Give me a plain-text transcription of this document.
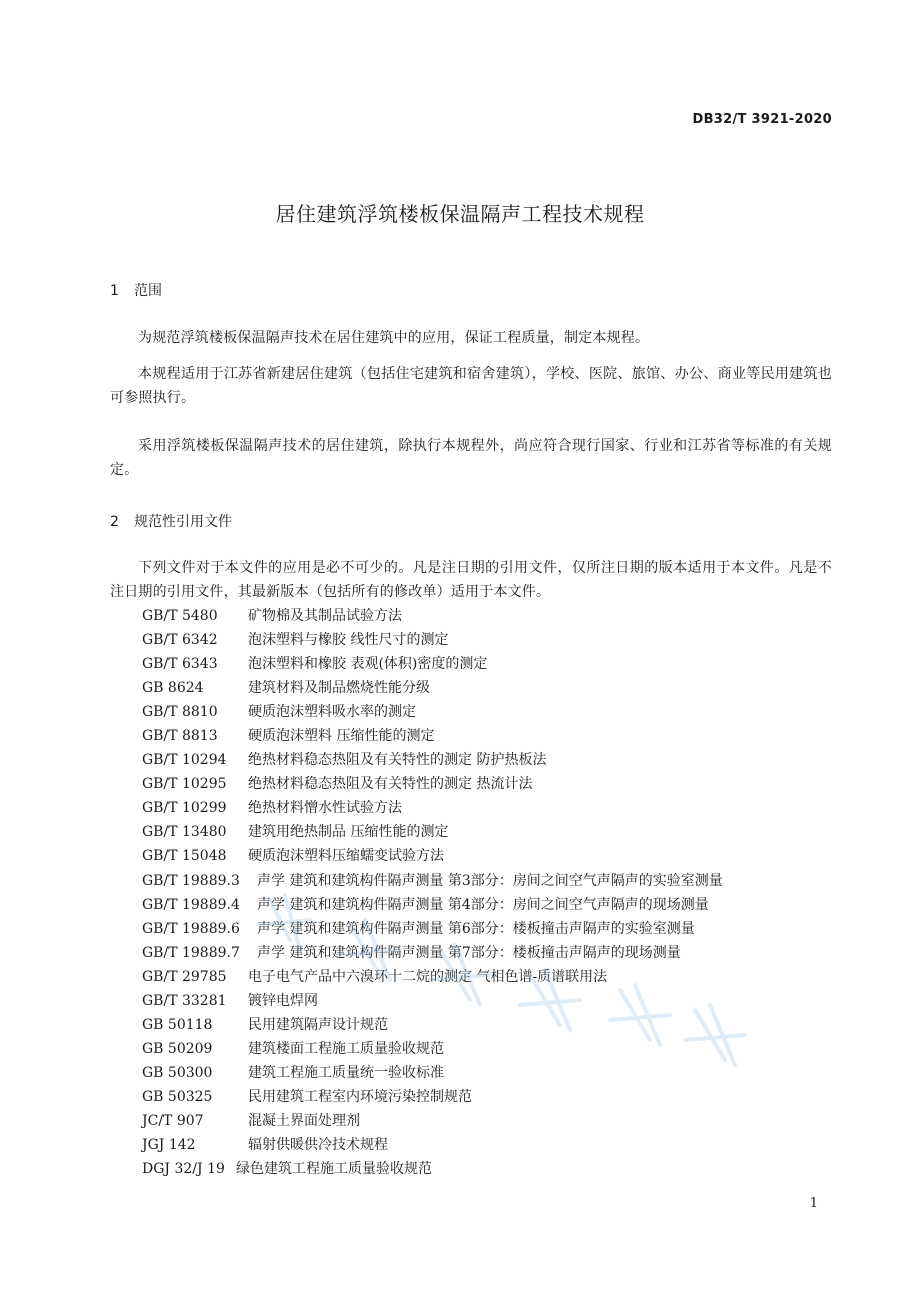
DB32/T 3921-2020
居住建筑浮筑楼板保温隔声工程技术规程
1 范围

为规范浮筑楼板保温隔声技术在居住建筑中的应用，保证工程质量，制定本规程。

本规程适用于江苏省新建居住建筑（包括住宅建筑和宿舍建筑），学校、医院、旅馆、办公、商业等民用建筑也可参照执行。

采用浮筑楼板保温隔声技术的居住建筑，除执行本规程外，尚应符合现行国家、行业和江苏省等标准的有关规定。

2 规范性引用文件

下列文件对于本文件的应用是必不可少的。凡是注日期的引用文件，仅所注日期的版本适用于本文件。凡是不注日期的引用文件，其最新版本（包括所有的修改单）适用于本文件。

GB/T 5480 矿物棉及其制品试验方法
GB/T 6342 泡沫塑料与橡胶 线性尺寸的测定
GB/T 6343 泡沫塑料和橡胶 表观(体积)密度的测定
GB 8624	建筑材料及制品燃烧性能分级
GB/T 8810 硬质泡沫塑料吸水率的测定
GB/T 8813 硬质泡沫塑料 压缩性能的测定
GB/T 10294 绝热材料稳态热阻及有关特性的测定 防护热板法
GB/T 10295 绝热材料稳态热阻及有关特性的测定 热流计法
GB/T 10299 绝热材料憎水性试验方法
GB/T 13480 建筑用绝热制品 压缩性能的测定
GB/T 15048 硬质泡沫塑料压缩蠕变试验方法
GB/T 19889.3 声学 建筑和建筑构件隔声测量 第3部分：房间之间空气声隔声的实验室测量
GB/T 19889.4 声学 建筑和建筑构件隔声测量 第4部分：房间之间空气声隔声的现场测量
GB/T 19889.6 声学 建筑和建筑构件隔声测量 第6部分：楼板撞击声隔声的实验室测量
GB/T 19889.7 声学 建筑和建筑构件隔声测量 第7部分：楼板撞击声隔声的现场测量
GB/T 29785 电子电气产品中六溴环十二烷的测定 气相色谱-质谱联用法
GB/T 33281 镀锌电焊网
GB 50118	民用建筑隔声设计规范
GB 50209	建筑楼面工程施工质量验收规范
GB 50300	建筑工程施工质量统一验收标准
GB 50325	民用建筑工程室内环境污染控制规范
JC/T 907	混凝土界面处理剂
JGJ 142	辐射供暖供冷技术规程
DGJ 32/J 19 绿色建筑工程施工质量验收规范
1
